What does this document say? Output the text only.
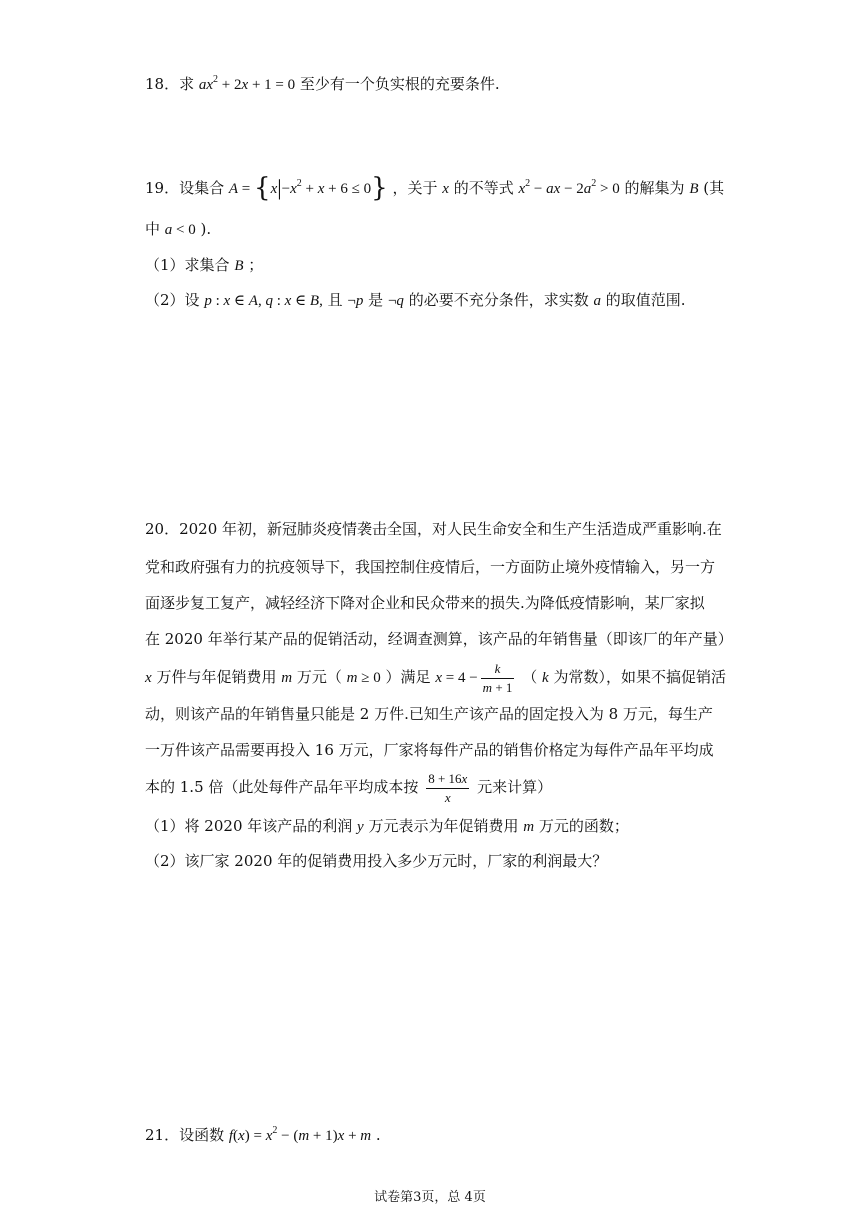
18．求 $ax^2 + 2x + 1 = 0$ 至少有一个负实根的充要条件.
19．设集合 $A = \{x|-x^2 + x + 6 \le 0\}$ ，关于 x 的不等式 $x^2$ − ax − $2a^2 > 0$ 的解集为 B (其
中 a < 0 ).
（1）求集合 B ；
（2）设 p : x ∈ A, q : x ∈ B, 且 ¬p 是 ¬q 的必要不充分条件，求实数 a 的取值范围.
20．2020 年初，新冠肺炎疫情袭击全国，对人民生命安全和生产生活造成严重影响.在
党和政府强有力的抗疫领导下，我国控制住疫情后，一方面防止境外疫情输入，另一方
面逐步复工复产，减轻经济下降对企业和民众带来的损失.为降低疫情影响，某厂家拟
在 2020 年举行某产品的促销活动，经调查测算，该产品的年销售量（即该厂的年产量）
x 万件与年促销费用 m 万元（ m ≥ 0 ）满足 $x = 4 - \frac{k}{m + 1}$ （ k 为常数），如果不搞促销活
动，则该产品的年销售量只能是 2 万件.已知生产该产品的固定投入为 8 万元，每生产
一万件该产品需要再投入 16 万元，厂家将每件产品的销售价格定为每件产品年平均成
本的 1.5 倍（此处每件产品年平均成本按 $\frac{8 + 16x}{x}$ 元来计算）
（1）将 2020 年该产品的利润 y 万元表示为年促销费用 m 万元的函数；
（2）该厂家 2020 年的促销费用投入多少万元时，厂家的利润最大？
21．设函数 $f(x) = x^2 - (m + 1)x + m$ .
试卷第3页，总 4页
